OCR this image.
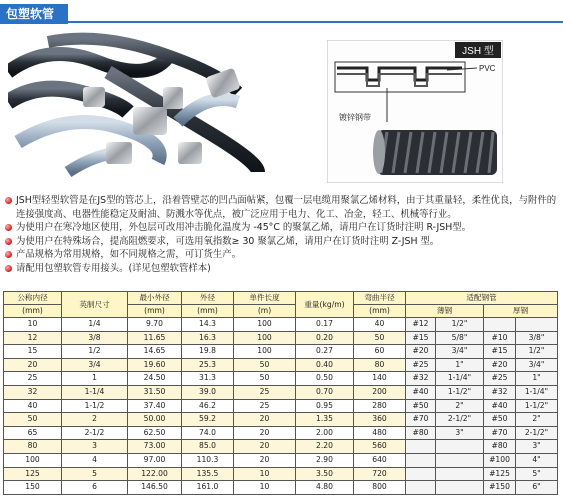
包塑软管
JSH 型
PVC
镀锌钢带
JSH型轻型软管是在JS型的管芯上，沿着管壁芯的凹凸面帖紧，包覆一层电缆用聚氯乙烯材料，由于其重量轻，柔性优良，与附件的连接强度高、电器性能稳定及耐油、防溅水等优点，被广泛应用于电力、化工、冶金，轻工、机械等行业。
为使用户在寒冷地区使用，外包层可改用冲击脆化温度为 -45°C 的聚氯乙烯，请用户在订货时注明 R-JSH型。
为使用户在特殊场合，提高阻燃要求，可选用氧指数≥ 30 聚氯乙烯，请用户在订货时注明 Z-JSH 型。
产品规格为常用规格，如不同规格之需，可订货生产。
请配用包塑软管专用接头。(详见包塑软管样本)
公称内径	英制尺寸	最小外径	外径	单件长度	重量(kg/m)	弯曲半径	适配钢管			
(mm)		(mm)	(mm)	(m)		(mm)	薄钢		厚钢	
10	1/4	9.70	14.3	100	0.17	40	#12	1/2"		
12	3/8	11.65	16.3	100	0.20	50	#15	5/8"	#10	3/8"
15	1/2	14.65	19.8	100	0.27	60	#20	3/4"	#15	1/2"
20	3/4	19.60	25.3	50	0.40	80	#25	1"	#20	3/4"
25	1	24.50	31.3	50	0.50	140	#32	1-1/4"	#25	1"
32	1-1/4	31.50	39.0	25	0.70	200	#40	1-1/2"	#32	1-1/4"
40	1-1/2	37.40	46.2	25	0.95	280	#50	2"	#40	1-1/2"
50	2	50.00	59.2	20	1.35	360	#70	2-1/2"	#50	2"
65	2-1/2	62.50	74.0	20	2.00	480	#80	3"	#70	2-1/2"
80	3	73.00	85.0	20	2.20	560			#80	3"
100	4	97.00	110.3	20	2.90	640			#100	4"
125	5	122.00	135.5	10	3.50	720			#125	5"
150	6	146.50	161.0	10	4.80	800			#150	6"
